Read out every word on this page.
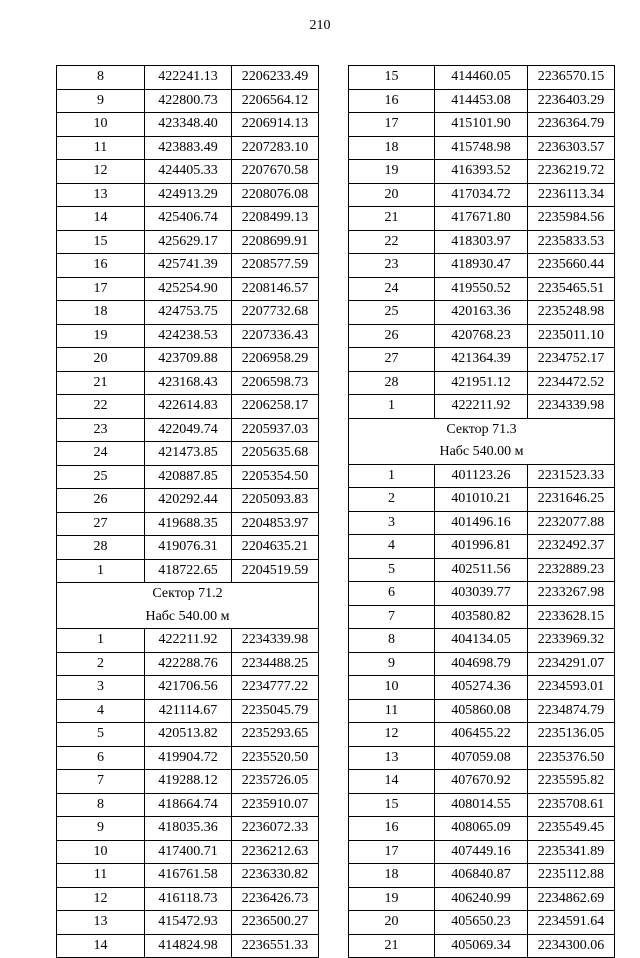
210
8	422241.13	2206233.49
9	422800.73	2206564.12
10	423348.40	2206914.13
11	423883.49	2207283.10
12	424405.33	2207670.58
13	424913.29	2208076.08
14	425406.74	2208499.13
15	425629.17	2208699.91
16	425741.39	2208577.59
17	425254.90	2208146.57
18	424753.75	2207732.68
19	424238.53	2207336.43
20	423709.88	2206958.29
21	423168.43	2206598.73
22	422614.83	2206258.17
23	422049.74	2205937.03
24	421473.85	2205635.68
25	420887.85	2205354.50
26	420292.44	2205093.83
27	419688.35	2204853.97
28	419076.31	2204635.21
1	418722.65	2204519.59
Сектор 71.2		
Набс 540.00 м		
1	422211.92	2234339.98
2	422288.76	2234488.25
3	421706.56	2234777.22
4	421114.67	2235045.79
5	420513.82	2235293.65
6	419904.72	2235520.50
7	419288.12	2235726.05
8	418664.74	2235910.07
9	418035.36	2236072.33
10	417400.71	2236212.63
11	416761.58	2236330.82
12	416118.73	2236426.73
13	415472.93	2236500.27
14	414824.98	2236551.33
15	414460.05	2236570.15
16	414453.08	2236403.29
17	415101.90	2236364.79
18	415748.98	2236303.57
19	416393.52	2236219.72
20	417034.72	2236113.34
21	417671.80	2235984.56
22	418303.97	2235833.53
23	418930.47	2235660.44
24	419550.52	2235465.51
25	420163.36	2235248.98
26	420768.23	2235011.10
27	421364.39	2234752.17
28	421951.12	2234472.52
1	422211.92	2234339.98
Сектор 71.3		
Набс 540.00 м		
1	401123.26	2231523.33
2	401010.21	2231646.25
3	401496.16	2232077.88
4	401996.81	2232492.37
5	402511.56	2232889.23
6	403039.77	2233267.98
7	403580.82	2233628.15
8	404134.05	2233969.32
9	404698.79	2234291.07
10	405274.36	2234593.01
11	405860.08	2234874.79
12	406455.22	2235136.05
13	407059.08	2235376.50
14	407670.92	2235595.82
15	408014.55	2235708.61
16	408065.09	2235549.45
17	407449.16	2235341.89
18	406840.87	2235112.88
19	406240.99	2234862.69
20	405650.23	2234591.64
21	405069.34	2234300.06
